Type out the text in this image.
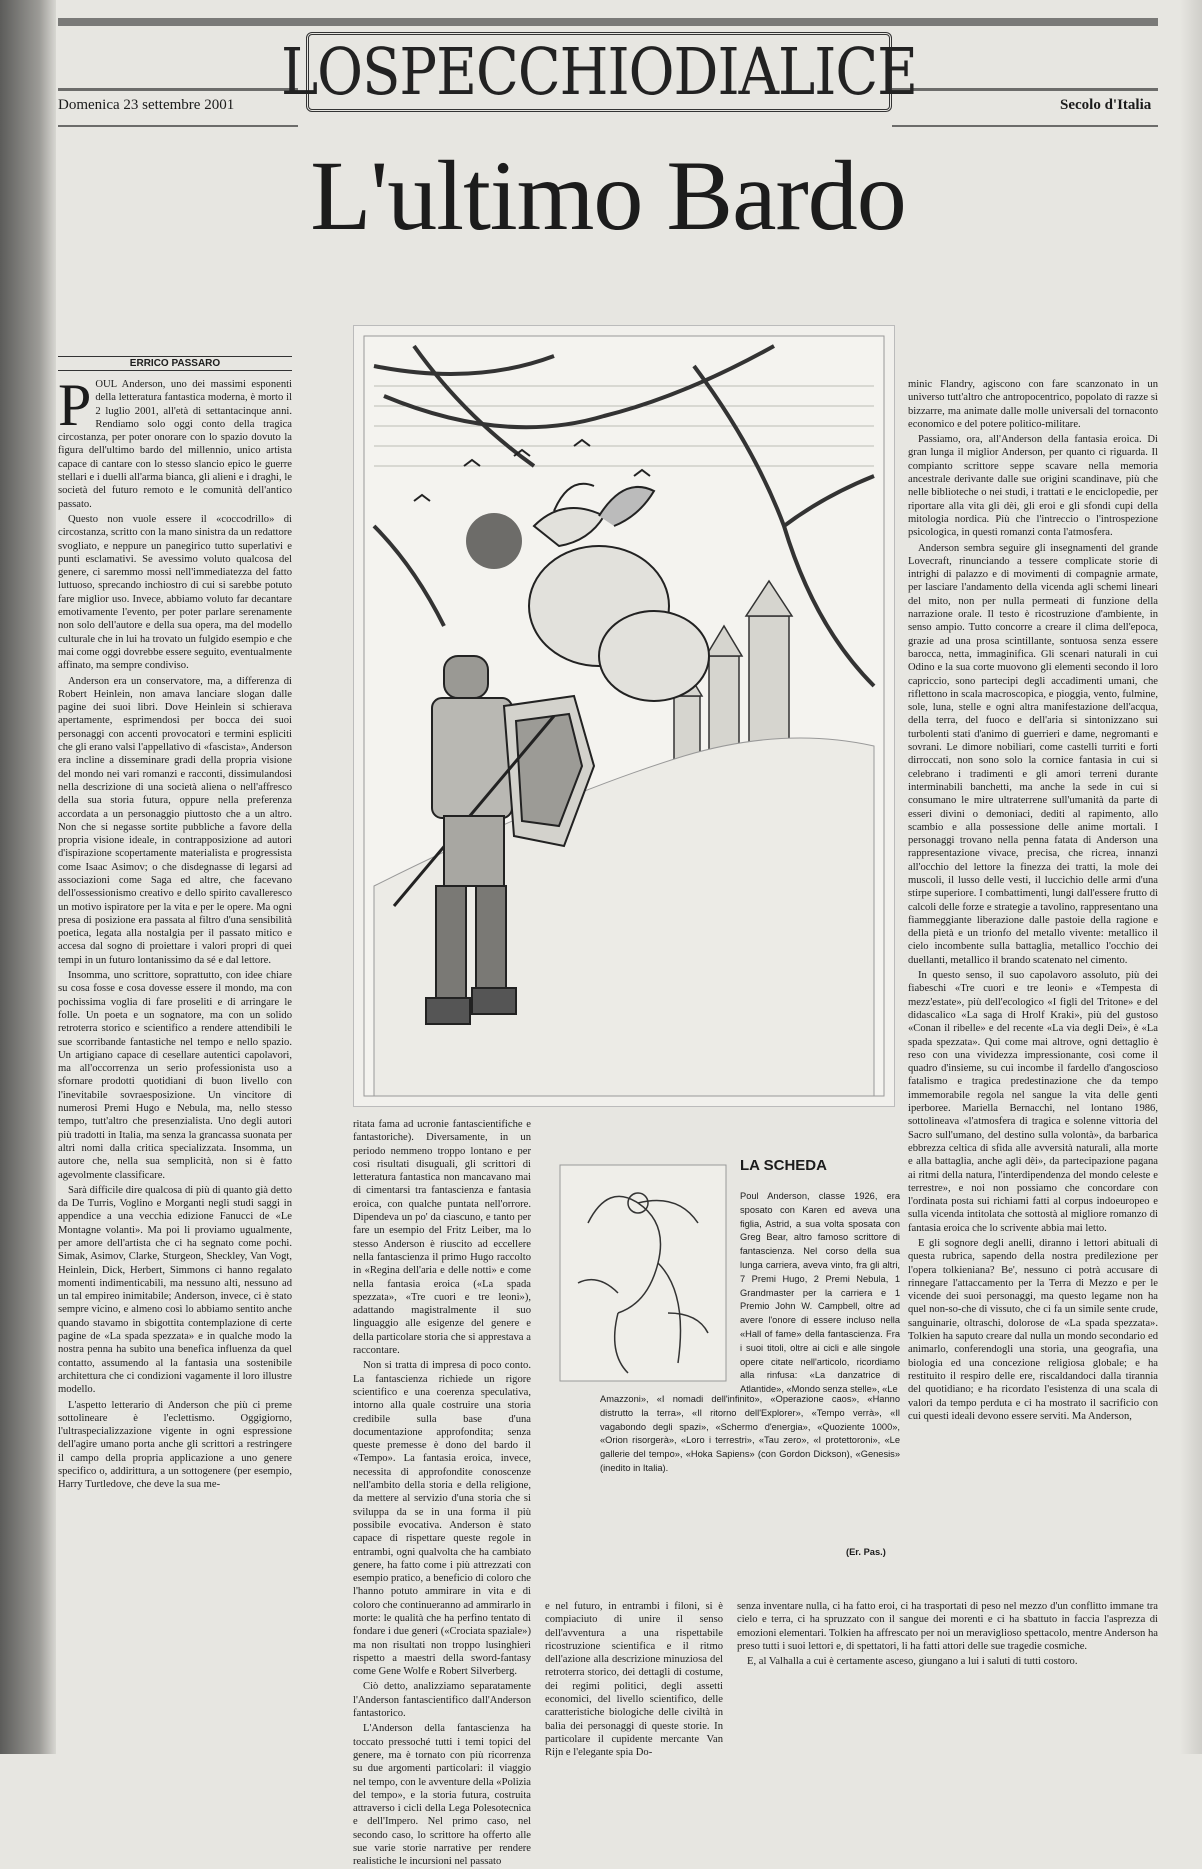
LOSPECCHIODIALICE
Domenica 23 settembre 2001	Secolo d'Italia
L'ultimo Bardo
ERRICO PASSARO

POUL Anderson, uno dei massimi esponenti della letteratura fantastica moderna, è morto il 2 luglio 2001, all'età di settantacinque anni. Rendiamo solo oggi conto della tragica circostanza, per poter onorare con lo spazio dovuto la figura dell'ultimo bardo del millennio, unico artista capace di cantare con lo stesso slancio epico le guerre stellari e i duelli all'arma bianca, gli alieni e i draghi, le società del futuro remoto e le comunità dell'antico passato.

Questo non vuole essere il «coccodrillo» di circostanza, scritto con la mano sinistra da un redattore svogliato, e neppure un panegirico tutto superlativi e punti esclamativi. Se avessimo voluto qualcosa del genere, ci saremmo mossi nell'immediatezza del fatto luttuoso, sprecando inchiostro di cui si sarebbe potuto fare miglior uso. Invece, abbiamo voluto far decantare emotivamente l'evento, per poter parlare serenamente non solo dell'autore e della sua opera, ma del modello culturale che in lui ha trovato un fulgido esempio e che mai come oggi dovrebbe essere seguito, eventualmente affinato, ma sempre condiviso.

Anderson era un conservatore, ma, a differenza di Robert Heinlein, non amava lanciare slogan dalle pagine dei suoi libri. Dove Heinlein si schierava apertamente, esprimendosi per bocca dei suoi personaggi con accenti provocatori e termini espliciti che gli erano valsi l'appellativo di «fascista», Anderson era incline a disseminare gradi della propria visione del mondo nei vari romanzi e racconti, dissimulandosi nella descrizione di una società aliena o nell'affresco della sua storia futura, oppure nella preferenza accordata a un personaggio piuttosto che a un altro. Non che si negasse sortite pubbliche a favore della propria visione ideale, in contrapposizione ad autori d'ispirazione scopertamente materialista e progressista come Isaac Asimov; o che disdegnasse di legarsi ad associazioni come Saga ed altre, che facevano dell'ossessionismo creativo e dello spirito cavalleresco un motivo ispiratore per la vita e per le opere. Ma ogni presa di posizione era passata al filtro d'una sensibilità poetica, legata alla nostalgia per il passato mitico e accesa dal sogno di proiettare i valori propri di quei tempi in un futuro lontanissimo da sé e dal lettore.

Insomma, uno scrittore, soprattutto, con idee chiare su cosa fosse e cosa dovesse essere il mondo, ma con pochissima voglia di fare proseliti e di arringare le folle. Un poeta e un sognatore, ma con un solido retroterra storico e scientifico a rendere attendibili le sue scorribande fantastiche nel tempo e nello spazio. Un artigiano capace di cesellare autentici capolavori, ma all'occorrenza un serio professionista uso a sfornare prodotti quotidiani di buon livello con l'inevitabile sovraesposizione. Un vincitore di numerosi Premi Hugo e Nebula, ma, nello stesso tempo, tutt'altro che presenzialista. Uno degli autori più tradotti in Italia, ma senza la grancassa suonata per altri nomi dalla critica specializzata. Insomma, un autore che, nella sua semplicità, non si è fatto agevolmente classificare.

Sarà difficile dire qualcosa di più di quanto già detto da De Turris, Voglino e Morganti negli studi saggi in appendice a una vecchia edizione Fanucci de «Le Montagne volanti». Ma poi li proviamo ugualmente, per amore dell'artista che ci ha segnato come pochi. Simak, Asimov, Clarke, Sturgeon, Sheckley, Van Vogt, Heinlein, Dick, Herbert, Simmons ci hanno regalato momenti indimenticabili, ma nessuno alti, nessuno ad un tal empireo inimitabile; Anderson, invece, ci è stato sempre vicino, e almeno così lo abbiamo sentito anche quando stavamo in sbigottita contemplazione di certe pagine de «La spada spezzata» e in qualche modo la nostra penna ha subito una benefica influenza da quel contatto, assumendo al la fantasia una sostenibile architettura che ci condizioni vagamente il loro illustre modello.

L'aspetto letterario di Anderson che più ci preme sottolineare è l'eclettismo. Oggigiorno, l'ultraspecializzazione vigente in ogni espressione dell'agire umano porta anche gli scrittori a restringere il campo della propria applicazione a uno genere specifico o, addirittura, a un sottogenere (per esempio, Harry Turtledove, che deve la sua me-

ritata fama ad ucronie fantascientifiche e fantastoriche). Diversamente, in un periodo nemmeno troppo lontano e per così risultati disuguali, gli scrittori di letteratura fantastica non mancavano mai di cimentarsi tra fantascienza e fantasia eroica, con qualche puntata nell'orrore. Dipendeva un po' da ciascuno, e tanto per fare un esempio del Fritz Leiber, ma lo stesso Anderson è riuscito ad eccellere nella fantascienza il primo Hugo raccolto in «Regina dell'aria e delle notti» e come nella fantasia eroica («La spada spezzata», «Tre cuori e tre leoni»), adattando magistralmente il suo linguaggio alle esigenze del genere e della particolare storia che si apprestava a raccontare.

Non si tratta di impresa di poco conto. La fantascienza richiede un rigore scientifico e una coerenza speculativa, intorno alla quale costruire una storia credibile sulla base d'una documentazione approfondita; senza queste premesse è dono del bardo il «Tempo». La fantasia eroica, invece, necessita di approfondite conoscenze nell'ambito della storia e della religione, da mettere al servizio d'una storia che si sviluppa da se in una forma il più possibile evocativa. Anderson è stato capace di rispettare queste regole in entrambi, ogni qualvolta che ha cambiato genere, ha fatto come i più attrezzati con esempio pratico, a beneficio di coloro che l'hanno potuto ammirare in vita e di coloro che continueranno ad ammirarlo in morte: le qualità che ha perfino tentato di fondare i due generi («Crociata spaziale») ma non risultati non troppo lusinghieri rispetto a maestri della sword-fantasy come Gene Wolfe e Robert Silverberg.

Ciò detto, analizziamo separatamente l'Anderson fantascientifico dall'Anderson fantastorico.

L'Anderson della fantascienza ha toccato pressoché tutti i temi topici del genere, ma è tornato con più ricorrenza su due argomenti particolari: il viaggio nel tempo, con le avventure della «Polizia del tempo», e la storia futura, costruita attraverso i cicli della Lega Polesotecnica e dell'Impero. Nel primo caso, nel secondo caso, lo scrittore ha offerto alle sue varie storie narrative per rendere realistiche le incursioni nel passato

e nel futuro, in entrambi i filoni, si è compiaciuto di unire il senso dell'avventura a una rispettabile ricostruzione scientifica e il ritmo dell'azione alla descrizione minuziosa del retroterra storico, dei dettagli di costume, dei regimi politici, degli assetti economici, del livello scientifico, delle caratteristiche biologiche delle civiltà in balìa dei personaggi di queste storie. In particolare il cupidente mercante Van Rijn e l'elegante spia Do-

LA SCHEDA
Poul Anderson, classe 1926, era sposato con Karen ed aveva una figlia, Astrid, a sua volta sposata con Greg Bear, altro famoso scrittore di fantascienza. Nel corso della sua lunga carriera, aveva vinto, fra gli altri, 7 Premi Hugo, 2 Premi Nebula, 1 Grandmaster per la carriera e 1 Premio John W. Campbell, oltre ad avere l'onore di essere incluso nella «Hall of fame» della fantascienza. Fra i suoi titoli, oltre ai cicli e alle singole opere citate nell'articolo, ricordiamo alla rinfusa: «La danzatrice di Atlantide», «Mondo senza stelle», «Le
Amazzoni», «I nomadi dell'infinito», «Operazione caos», «Hanno distrutto la terra», «Il ritorno dell'Explorer», «Tempo verrà», «Il vagabondo degli spazi», «Schermo d'energia», «Quoziente 1000», «Orion risorgerà», «Loro i terrestri», «Tau zero», «I protettoroni», «Le gallerie del tempo», «Hoka Sapiens» (con Gordon Dickson), «Genesis» (inedito in Italia).
(Er. Pas.)

minic Flandry, agiscono con fare scanzonato in un universo tutt'altro che antropocentrico, popolato di razze sì bizzarre, ma animate dalle molle universali del tornaconto economico e del potere politico-militare.

Passiamo, ora, all'Anderson della fantasia eroica. Di gran lunga il miglior Anderson, per quanto ci riguarda. Il compianto scrittore seppe scavare nella memoria ancestrale derivante dalle sue origini scandinave, più che nelle biblioteche o nei studi, i trattati e le enciclopedie, per riportare alla vita gli dèi, gli eroi e gli sfondi cupi della mitologia nordica. Più che l'intreccio o l'introspezione psicologica, in questi romanzi conta l'atmosfera.

Anderson sembra seguire gli insegnamenti del grande Lovecraft, rinunciando a tessere complicate storie di intrighi di palazzo e di movimenti di compagnie armate, per lasciare l'andamento della vicenda agli schemi lineari del mito, non per nulla permeati di funzione della narrazione orale. Il testo è ricostruzione d'ambiente, in senso ampio. Tutto concorre a creare il clima dell'epoca, grazie ad una prosa scintillante, sontuosa senza essere barocca, netta, immaginifica. Gli scenari naturali in cui Odino e la sua corte muovono gli elementi secondo il loro capriccio, sono partecipi degli accadimenti umani, che riflettono in scala macroscopica, e pioggia, vento, fulmine, sole, luna, stelle e ogni altra manifestazione dell'acqua, della terra, del fuoco e dell'aria si sintonizzano sui turbolenti stati d'animo di guerrieri e dame, negromanti e sovrani. Le dimore nobiliari, come castelli turriti e forti dirroccati, non sono solo la cornice fantasia in cui si celebrano i tradimenti e gli amori terreni durante interminabili banchetti, ma anche la sede in cui si consumano le mire ultraterrene sull'umanità da parte di esseri divini o demoniaci, dediti al rapimento, allo scambio e alla possessione delle anime mortali. I personaggi trovano nella penna fatata di Anderson una rappresentazione vivace, precisa, che ricrea, innanzi all'occhio del lettore la finezza dei tratti, la mole dei muscoli, il lusso delle vesti, il luccichio delle armi d'una stirpe superiore. I combattimenti, lungi dall'essere frutto di calcoli delle forze e strategie a tavolino, rappresentano una fiammeggiante liberazione dalle pastoie della ragione e della pietà e un trionfo del metallo vivente: metallico il cielo incombente sulla battaglia, metallico l'occhio dei duellanti, metallico il brando scatenato nel cimento.

In questo senso, il suo capolavoro assoluto, più dei fiabeschi «Tre cuori e tre leoni» e «Tempesta di mezz'estate», più dell'ecologico «I figli del Tritone» e del didascalico «La saga di Hrolf Kraki», più del gustoso «Conan il ribelle» e del recente «La via degli Dei», è «La spada spezzata». Qui come mai altrove, ogni dettaglio è reso con una vividezza impressionante, così come il quadro d'insieme, su cui incombe il fardello d'angoscioso fatalismo e tragica predestinazione che da tempo immemorabile regola nel sangue la vita delle genti iperboree. Mariella Bernacchi, nel lontano 1986, sottolineava «l'atmosfera di tragica e solenne vittoria del Sacro sull'umano, del destino sulla volontà», da barbarica ebbrezza celtica di sfida alle avversità naturali, alla morte e alla battaglia, anche agli dèi», da partecipazione pagana ai ritmi della natura, l'interdipendenza del mondo celeste e terrestre», e noi non possiamo che concordare con l'ordinata posta sui richiami fatti al corpus indoeuropeo e sulla vicenda intitolata che sottostà al migliore romanzo di fantasia eroica che lo scrivente abbia mai letto.

E gli sognore degli anelli, diranno i lettori abituali di questa rubrica, sapendo della nostra predilezione per l'opera tolkieniana? Be', nessuno ci potrà accusare di rinnegare l'attaccamento per la Terra di Mezzo e per le vicende dei suoi personaggi, ma questo legame non ha quel non-so-che di vissuto, che ci fa un simile sente crude, sanguinarie, oltraschi, dolorose de «La spada spezzata». Tolkien ha saputo creare dal nulla un mondo secondario ed animarlo, conferendogli una storia, una geografia, una biologia ed una concezione religiosa globale; e ha restituito il respiro delle ere, riscaldandoci dalla tirannia del quotidiano; e ha ricordato l'esistenza di una scala di valori da tempo perduta e ci ha mostrato il sacrificio con cui questi ideali devono essere serviti. Ma Anderson,

senza inventare nulla, ci ha fatto eroi, ci ha trasportati di peso nel mezzo d'un conflitto immane tra cielo e terra, ci ha spruzzato con il sangue dei morenti e ci ha sbattuto in faccia l'asprezza di emozioni elementari. Tolkien ha affrescato per noi un meraviglioso spettacolo, mentre Anderson ha preso tutti i suoi lettori e, di spettatori, li ha fatti attori delle sue tragedie cosmiche.

E, al Valhalla a cui è certamente asceso, giungano a lui i saluti di tutti costoro.
